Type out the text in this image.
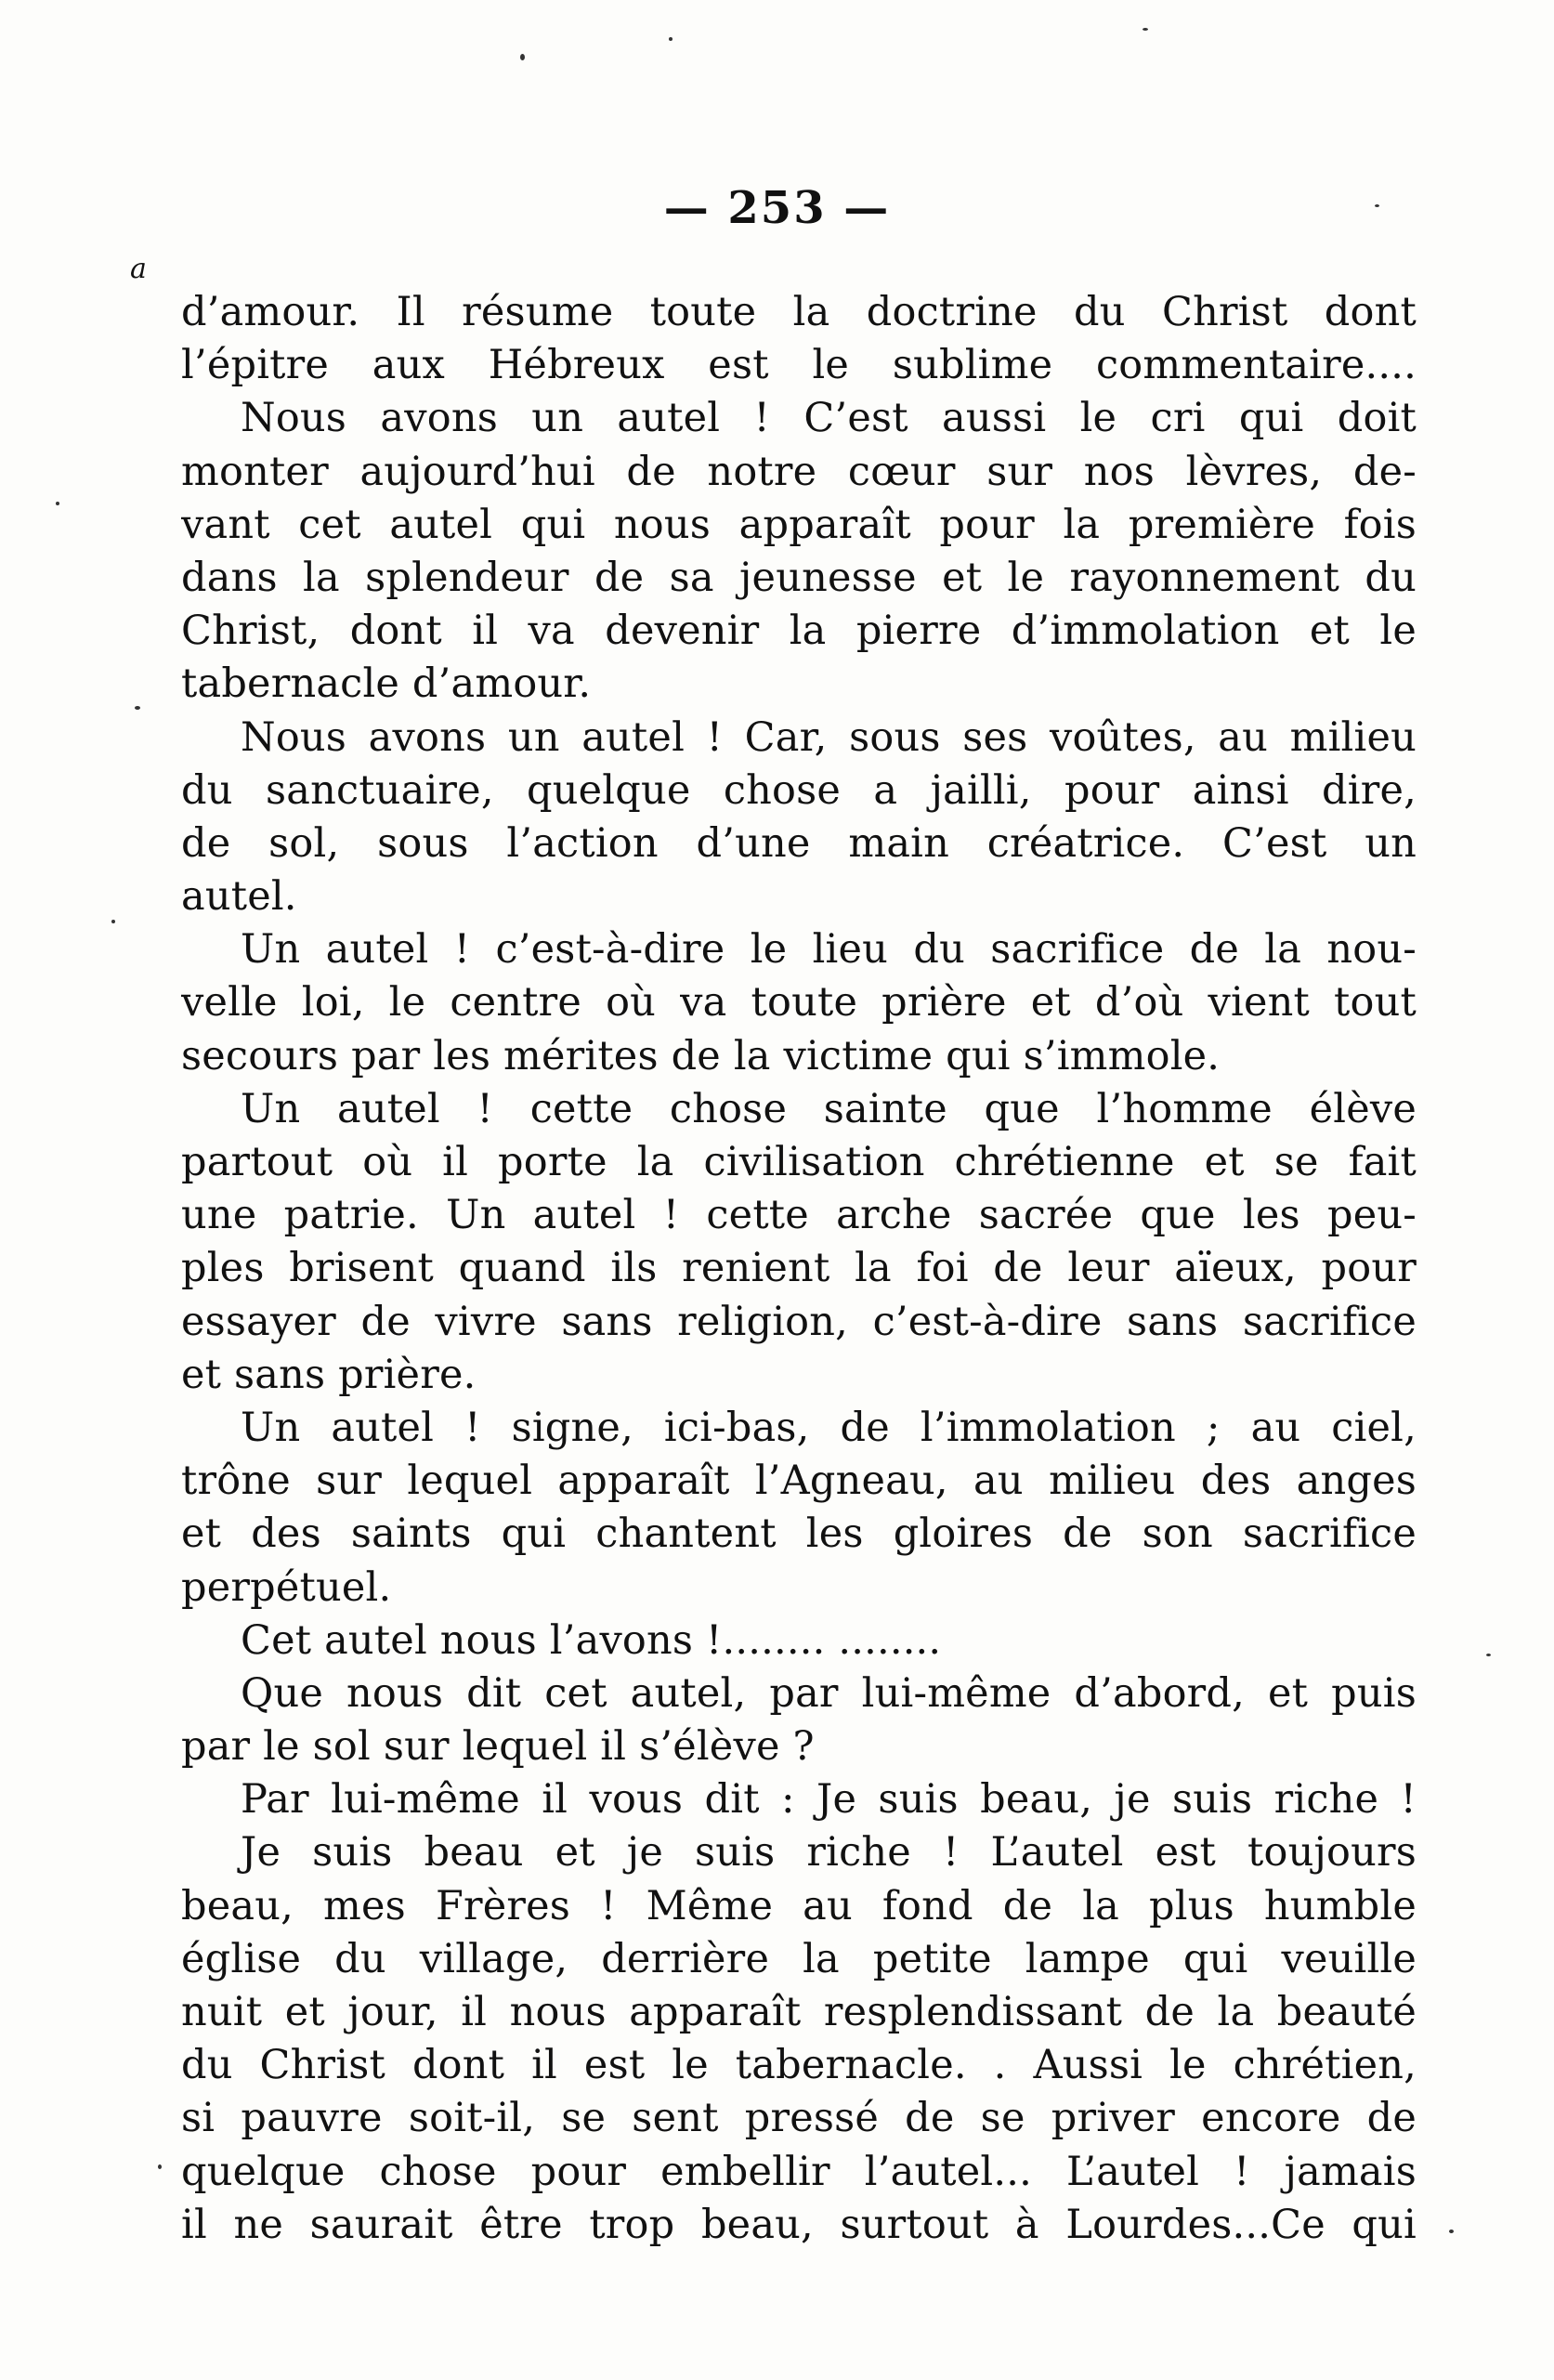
— 253 —
a
d’amour. Il résume toute la doctrine du Christ dont
l’épitre aux Hébreux est le sublime commentaire....
Nous avons un autel ! C’est aussi le cri qui doit
monter aujourd’hui de notre cœur sur nos lèvres, de-
vant cet autel qui nous apparaît pour la première fois
dans la splendeur de sa jeunesse et le rayonnement du
Christ, dont il va devenir la pierre d’immolation et le
tabernacle d’amour.
Nous avons un autel ! Car, sous ses voûtes, au milieu
du sanctuaire, quelque chose a jailli, pour ainsi dire,
de sol, sous l’action d’une main créatrice. C’est un
autel.
Un autel ! c’est-à-dire le lieu du sacrifice de la nou-
velle loi, le centre où va toute prière et d’où vient tout
secours par les mérites de la victime qui s’immole.
Un autel ! cette chose sainte que l’homme élève
partout où il porte la civilisation chrétienne et se fait
une patrie. Un autel ! cette arche sacrée que les peu-
ples brisent quand ils renient la foi de leur aïeux, pour
essayer de vivre sans religion, c’est-à-dire sans sacrifice
et sans prière.
Un autel ! signe, ici-bas, de l’immolation ; au ciel,
trône sur lequel apparaît l’Agneau, au milieu des anges
et des saints qui chantent les gloires de son sacrifice
perpétuel.
Cet autel nous l’avons !........ ........
Que nous dit cet autel, par lui-même d’abord, et puis
par le sol sur lequel il s’élève ?
Par lui-même il vous dit : Je suis beau, je suis riche !
Je suis beau et je suis riche ! L’autel est toujours
beau, mes Frères ! Même au fond de la plus humble
église du village, derrière la petite lampe qui veuille
nuit et jour, il nous apparaît resplendissant de la beauté
du Christ dont il est le tabernacle. . Aussi le chrétien,
si pauvre soit-il, se sent pressé de se priver encore de
quelque chose pour embellir l’autel... L’autel ! jamais
il ne saurait être trop beau, surtout à Lourdes...Ce qui
